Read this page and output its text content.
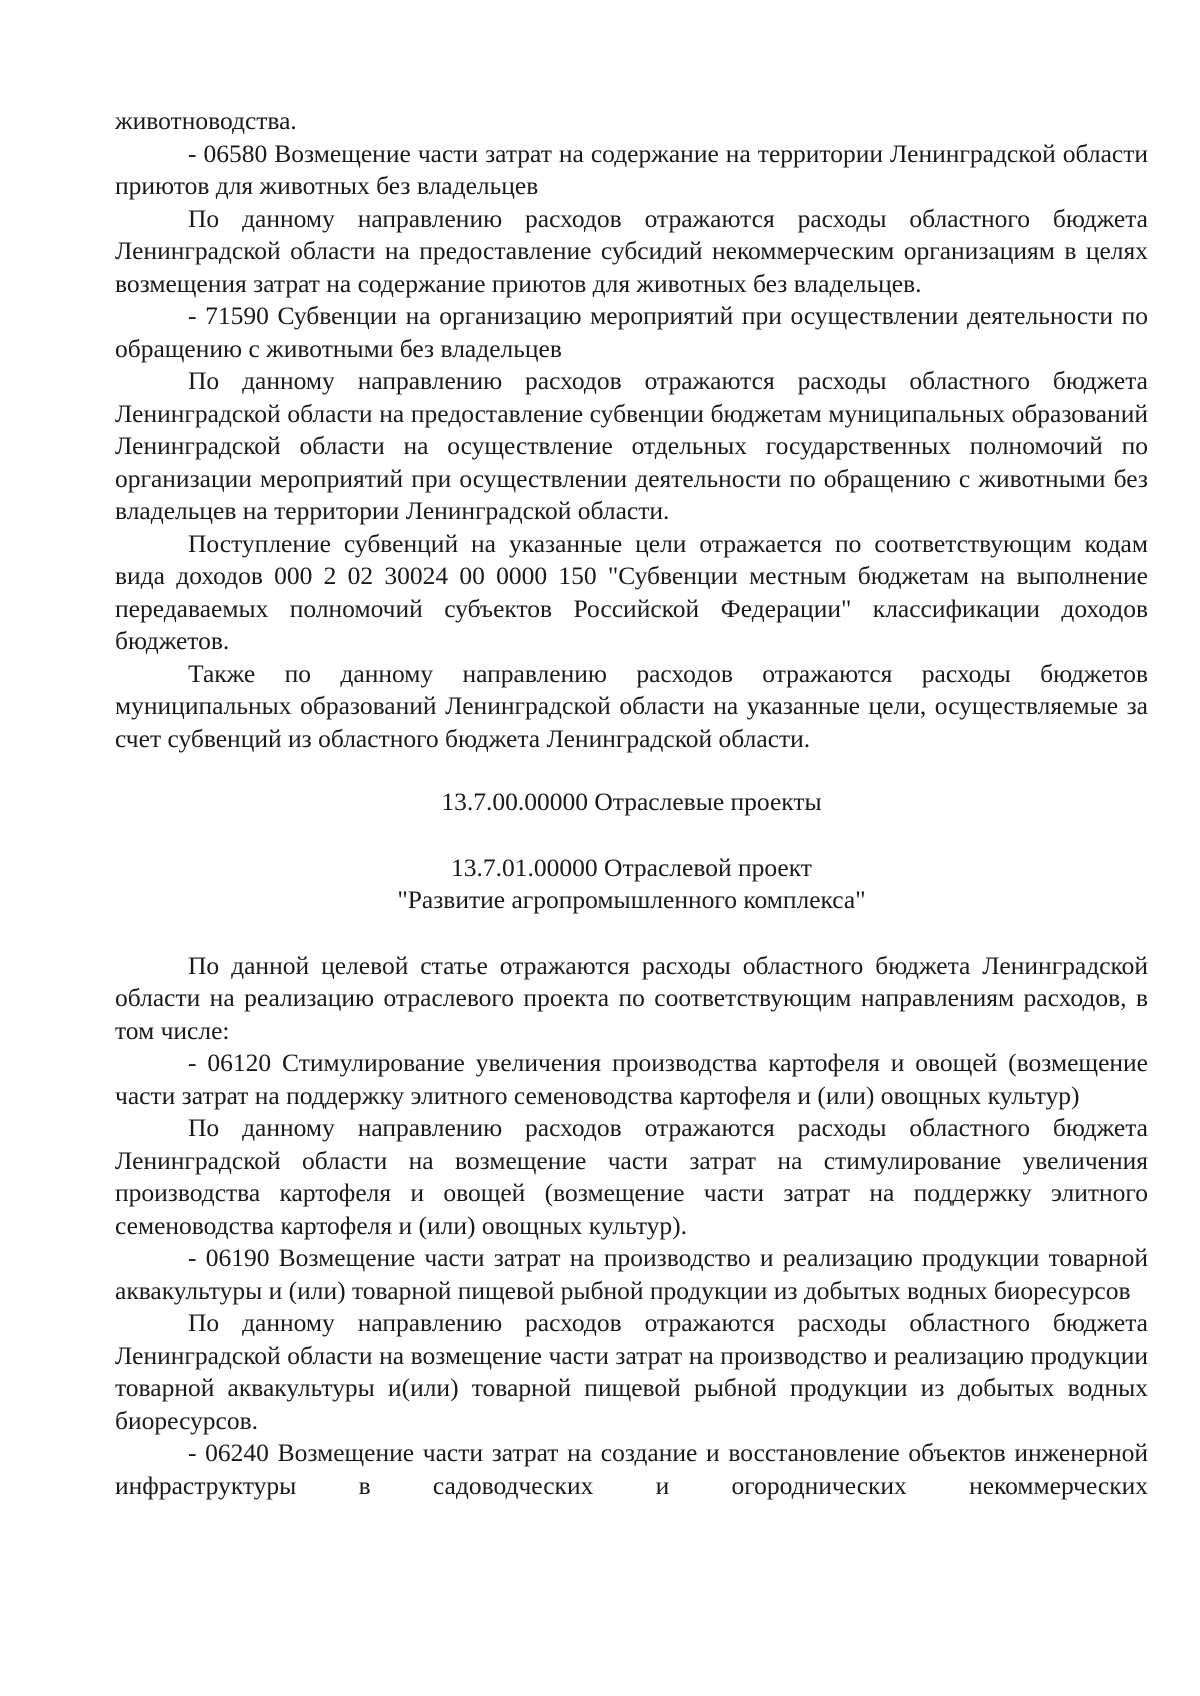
животноводства.

- 06580 Возмещение части затрат на содержание на территории Ленинградской области приютов для животных без владельцев

По данному направлению расходов отражаются расходы областного бюджета Ленинградской области на предоставление субсидий некоммерческим организациям в целях возмещения затрат на содержание приютов для животных без владельцев.

- 71590 Субвенции на организацию мероприятий при осуществлении деятельности по обращению с животными без владельцев

По данному направлению расходов отражаются расходы областного бюджета Ленинградской области на предоставление субвенции бюджетам муниципальных образований Ленинградской области на осуществление отдельных государственных полномочий по организации мероприятий при осуществлении деятельности по обращению с животными без владельцев на территории Ленинградской области.

Поступление субвенций на указанные цели отражается по соответствующим кодам вида доходов 000 2 02 30024 00 0000 150 "Субвенции местным бюджетам на выполнение передаваемых полномочий субъектов Российской Федерации" классификации доходов бюджетов.

Также по данному направлению расходов отражаются расходы бюджетов муниципальных образований Ленинградской области на указанные цели, осуществляемые за счет субвенций из областного бюджета Ленинградской области.

13.7.00.00000 Отраслевые проекты
13.7.01.00000 Отраслевой проект
"Развитие агропромышленного комплекса"

По данной целевой статье отражаются расходы областного бюджета Ленинградской области на реализацию отраслевого проекта по соответствующим направлениям расходов, в том числе:

- 06120 Стимулирование увеличения производства картофеля и овощей (возмещение части затрат на поддержку элитного семеноводства картофеля и (или) овощных культур)

По данному направлению расходов отражаются расходы областного бюджета Ленинградской области на возмещение части затрат на стимулирование увеличения производства картофеля и овощей (возмещение части затрат на поддержку элитного семеноводства картофеля и (или) овощных культур).

- 06190 Возмещение части затрат на производство и реализацию продукции товарной аквакультуры и (или) товарной пищевой рыбной продукции из добытых водных биоресурсов

По данному направлению расходов отражаются расходы областного бюджета Ленинградской области на возмещение части затрат на производство и реализацию продукции товарной аквакультуры и(или) товарной пищевой рыбной продукции из добытых водных биоресурсов.

- 06240 Возмещение части затрат на создание и восстановление объектов инженерной инфраструктуры в садоводческих и огороднических некоммерческих
